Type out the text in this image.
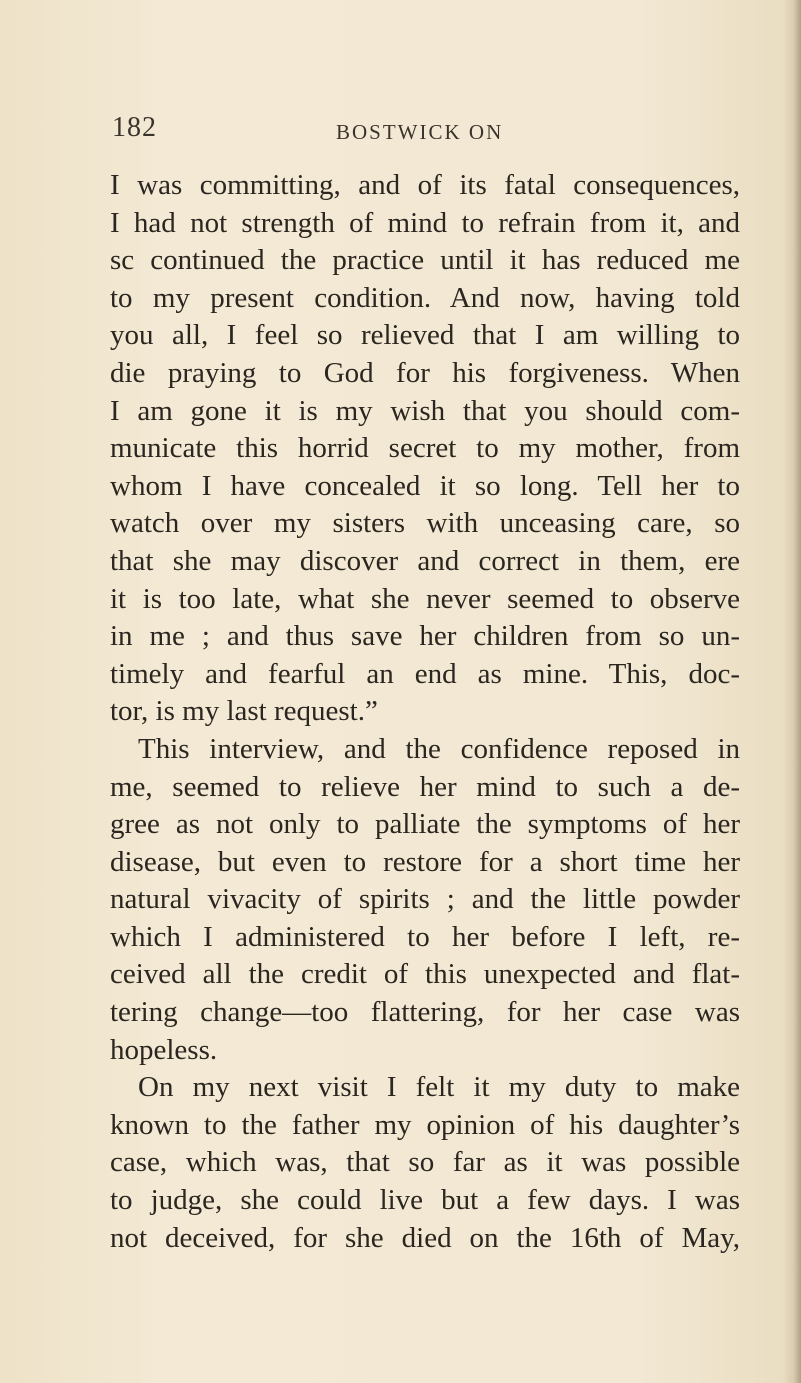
182	BOSTWICK ON
I was committing, and of its fatal consequences,
I had not strength of mind to refrain from it, and
sc continued the practice until it has reduced me
to my present condition. And now, having told
you all, I feel so relieved that I am willing to
die praying to God for his forgiveness. When
I am gone it is my wish that you should com-
municate this horrid secret to my mother, from
whom I have concealed it so long. Tell her to
watch over my sisters with unceasing care, so
that she may discover and correct in them, ere
it is too late, what she never seemed to observe
in me ; and thus save her children from so un-
timely and fearful an end as mine. This, doc-
tor, is my last request.”
This interview, and the confidence reposed in
me, seemed to relieve her mind to such a de-
gree as not only to palliate the symptoms of her
disease, but even to restore for a short time her
natural vivacity of spirits ; and the little powder
which I administered to her before I left, re-
ceived all the credit of this unexpected and flat-
tering change—too flattering, for her case was
hopeless.
On my next visit I felt it my duty to make
known to the father my opinion of his daughter’s
case, which was, that so far as it was possible
to judge, she could live but a few days. I was
not deceived, for she died on the 16th of May,
